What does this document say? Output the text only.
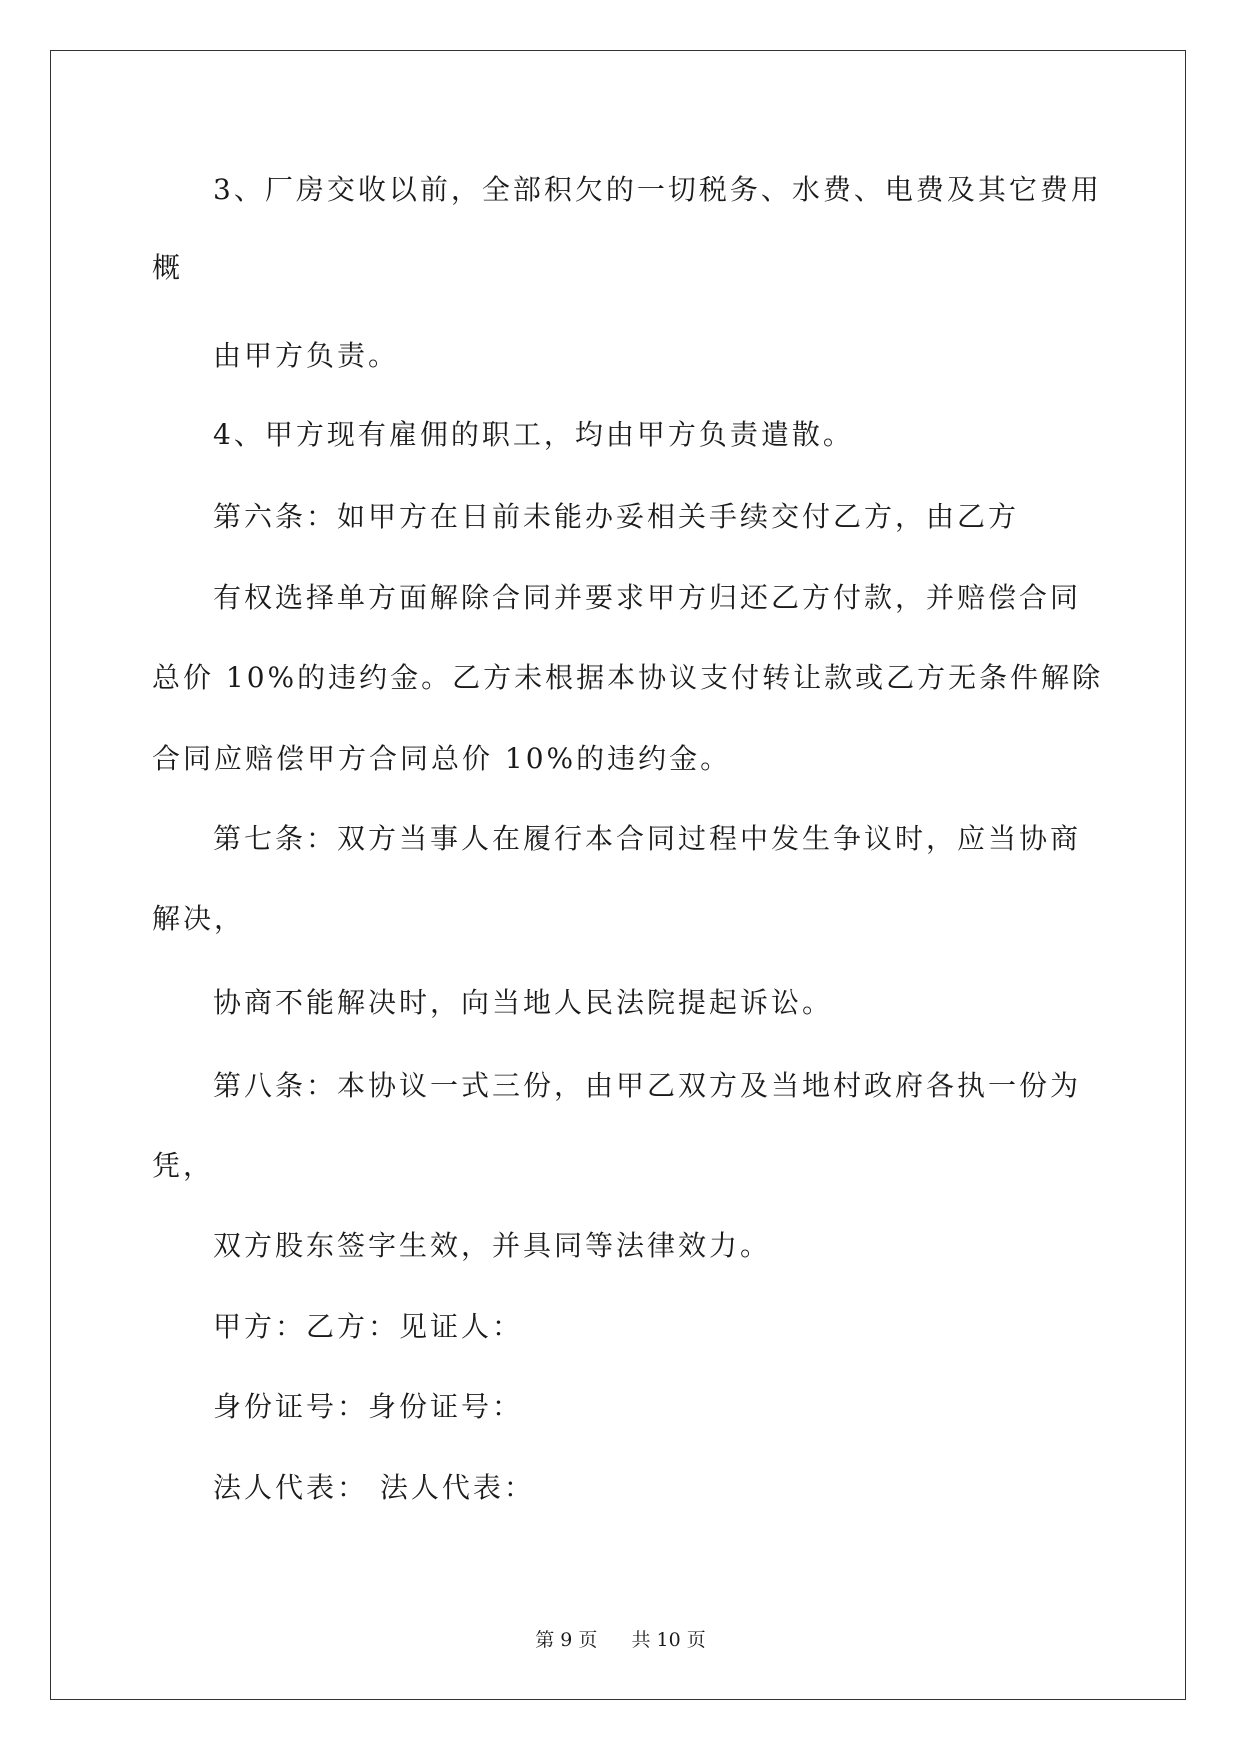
3、厂房交收以前，全部积欠的一切税务、水费、电费及其它费用
概
由甲方负责。
4、甲方现有雇佣的职工，均由甲方负责遣散。
第六条：如甲方在日前未能办妥相关手续交付乙方，由乙方
有权选择单方面解除合同并要求甲方归还乙方付款，并赔偿合同
总价 10%的违约金。乙方未根据本协议支付转让款或乙方无条件解除
合同应赔偿甲方合同总价 10%的违约金。
第七条：双方当事人在履行本合同过程中发生争议时，应当协商
解决，
协商不能解决时，向当地人民法院提起诉讼。
第八条：本协议一式三份，由甲乙双方及当地村政府各执一份为
凭，
双方股东签字生效，并具同等法律效力。
甲方：乙方：见证人：
身份证号：身份证号：
法人代表： 法人代表：
第 9 页 共 10 页
